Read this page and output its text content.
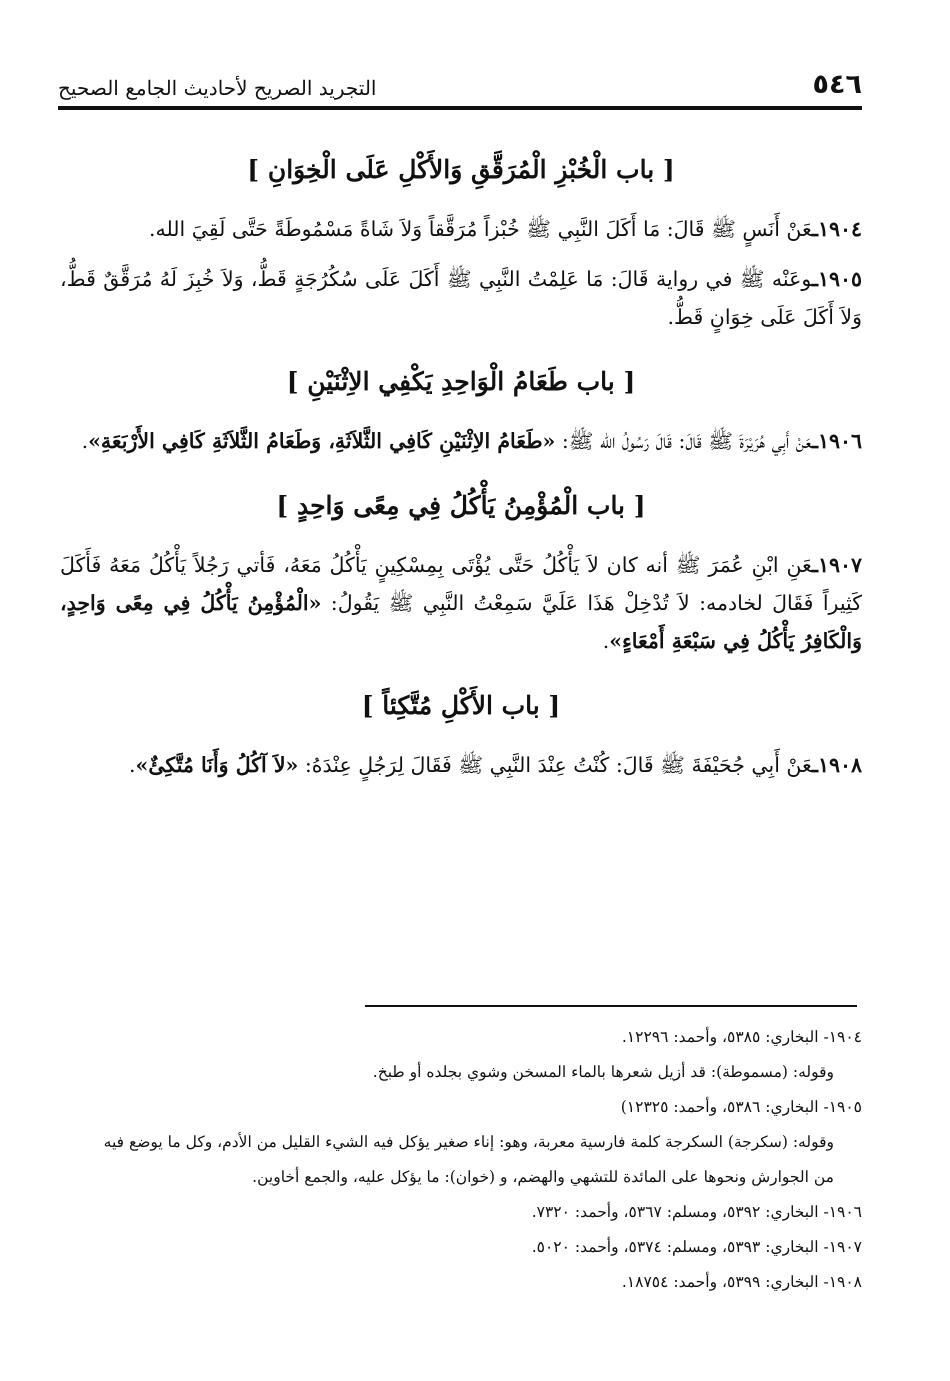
٥٤٦
التجريد الصريح لأحاديث الجامع الصحيح
[ باب الْخُبْزِ الْمُرَقَّقِ وَالأَكْلِ عَلَى الْخِوَانِ ]

١٩٠٤ـعَنْ أَنَسٍ ﷺ قَالَ: مَا أَكَلَ النَّبِي ﷺ خُبْزاً مُرَقَّقاً وَلاَ شَاةً مَسْمُوطَةً حَتَّى لَقِيَ الله.

١٩٠٥ـوعَنْه ﷺ في رواية قَالَ: مَا عَلِمْتُ النَّبِي ﷺ أَكَلَ عَلَى سُكُرُجَةٍ قَطُّ، وَلاَ خُبِزَ لَهُ مُرَقَّقٌ قَطُّ، وَلاَ أَكَلَ عَلَى خِوَانٍ قَطُّ.

[ باب طَعَامُ الْوَاحِدِ يَكْفِي الاِثْنَيْنِ ]

١٩٠٦ـعَنْ أَبِي هُرَيْرَةَ ﷺ قَالَ: قَالَ رَسُولُ الله ﷺ: «طَعَامُ الاِثْنَيْنِ كَافِي الثَّلاَثَةِ، وَطَعَامُ الثَّلاَثَةِ كَافِي الأَرْبَعَةِ».

[ باب الْمُؤْمِنُ يَأْكُلُ فِي مِعًى وَاحِدٍ ]

١٩٠٧ـعَنِ ابْنِ عُمَرَ ﷺ أنه كان لاَ يَأْكُلُ حَتَّى يُؤْتَى بِمِسْكِينٍ يَأْكُلُ مَعَهُ، فَأتي رَجُلاً يَأْكُلُ مَعَهُ فَأَكَلَ كَثِيراً فَقَالَ لخادمه: لاَ تُدْخِلْ هَذَا عَلَيَّ سَمِعْتُ النَّبِي ﷺ يَقُولُ: «الْمُؤْمِنُ يَأْكُلُ فِي مِعًى وَاحِدٍ، وَالْكَافِرُ يَأْكُلُ فِي سَبْعَةِ أَمْعَاءٍ».

[ باب الأَكْلِ مُتَّكِئاً ]

١٩٠٨ـعَنْ أَبِي جُحَيْفَةَ ﷺ قَالَ: كُنْتُ عِنْدَ النَّبِي ﷺ فَقَالَ لِرَجُلٍ عِنْدَهُ: «لاَ آكُلُ وَأَنَا مُتَّكِئٌ».

١٩٠٤- البخاري: ٥٣٨٥، وأحمد: ١٢٢٩٦.

وقوله: (مسموطة): قد أزيل شعرها بالماء المسخن وشوي بجلده أو طبخ.

١٩٠٥- البخاري: ٥٣٨٦، وأحمد: ١٢٣٢٥)

وقوله: (سكرجة) السكرجة كلمة فارسية معربة، وهو: إناء صغير يؤكل فيه الشيء القليل من الأدم، وكل ما يوضع فيه من الجوارش ونحوها على المائدة للتشهي والهضم، و (خوان): ما يؤكل عليه، والجمع أخاوين.

١٩٠٦- البخاري: ٥٣٩٢، ومسلم: ٥٣٦٧، وأحمد: ٧٣٢٠.

١٩٠٧- البخاري: ٥٣٩٣، ومسلم: ٥٣٧٤، وأحمد: ٥٠٢٠.

١٩٠٨- البخاري: ٥٣٩٩، وأحمد: ١٨٧٥٤.
